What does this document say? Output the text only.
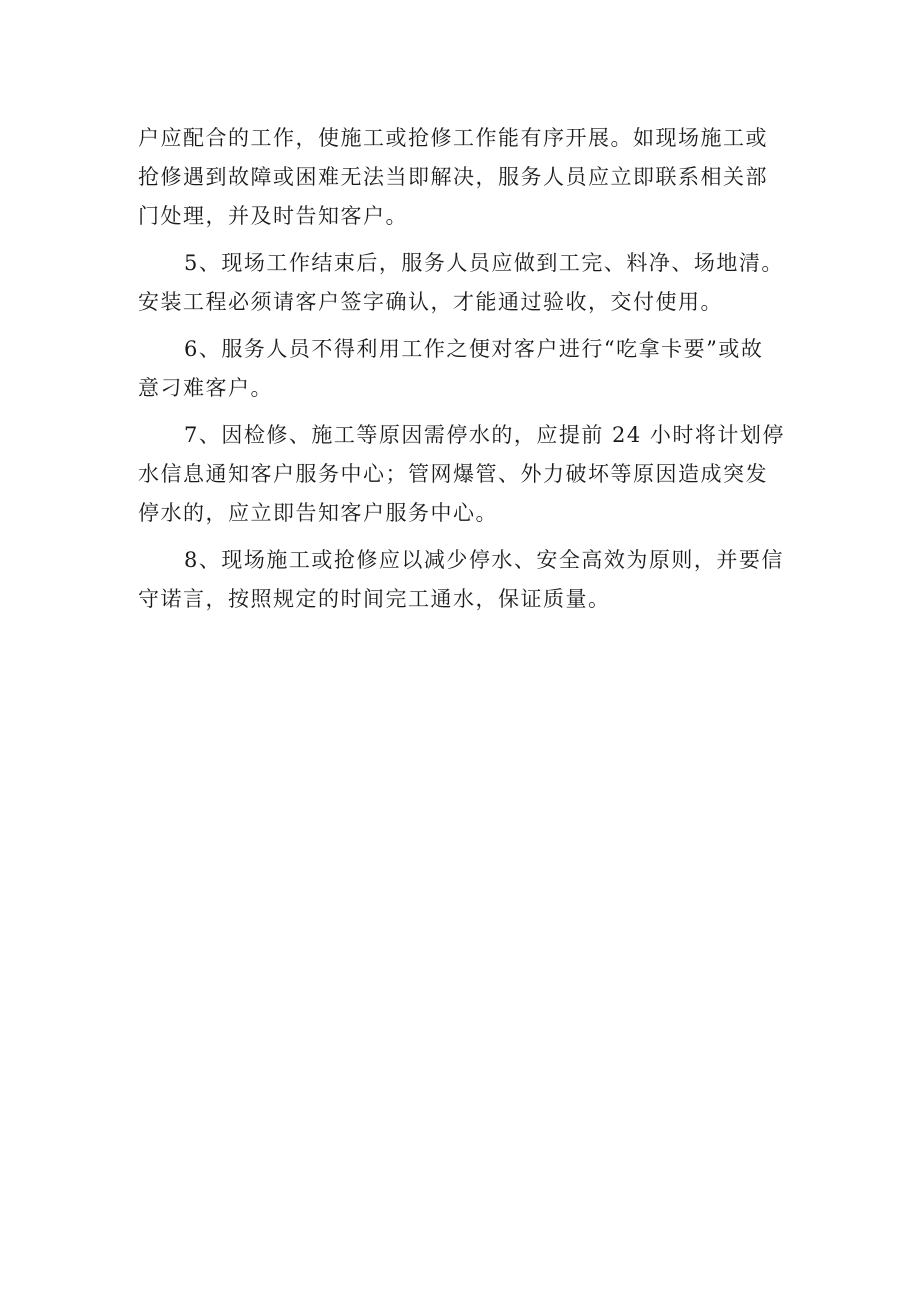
户应配合的工作，使施工或抢修工作能有序开展。如现场施工或
抢修遇到故障或困难无法当即解决，服务人员应立即联系相关部
门处理，并及时告知客户。

5、现场工作结束后，服务人员应做到工完、料净、场地清。
安装工程必须请客户签字确认，才能通过验收，交付使用。

6、服务人员不得利用工作之便对客户进行“吃拿卡要”或故
意刁难客户。

7、因检修、施工等原因需停水的，应提前 24 小时将计划停
水信息通知客户服务中心；管网爆管、外力破坏等原因造成突发
停水的，应立即告知客户服务中心。

8、现场施工或抢修应以减少停水、安全高效为原则，并要信
守诺言，按照规定的时间完工通水，保证质量。
